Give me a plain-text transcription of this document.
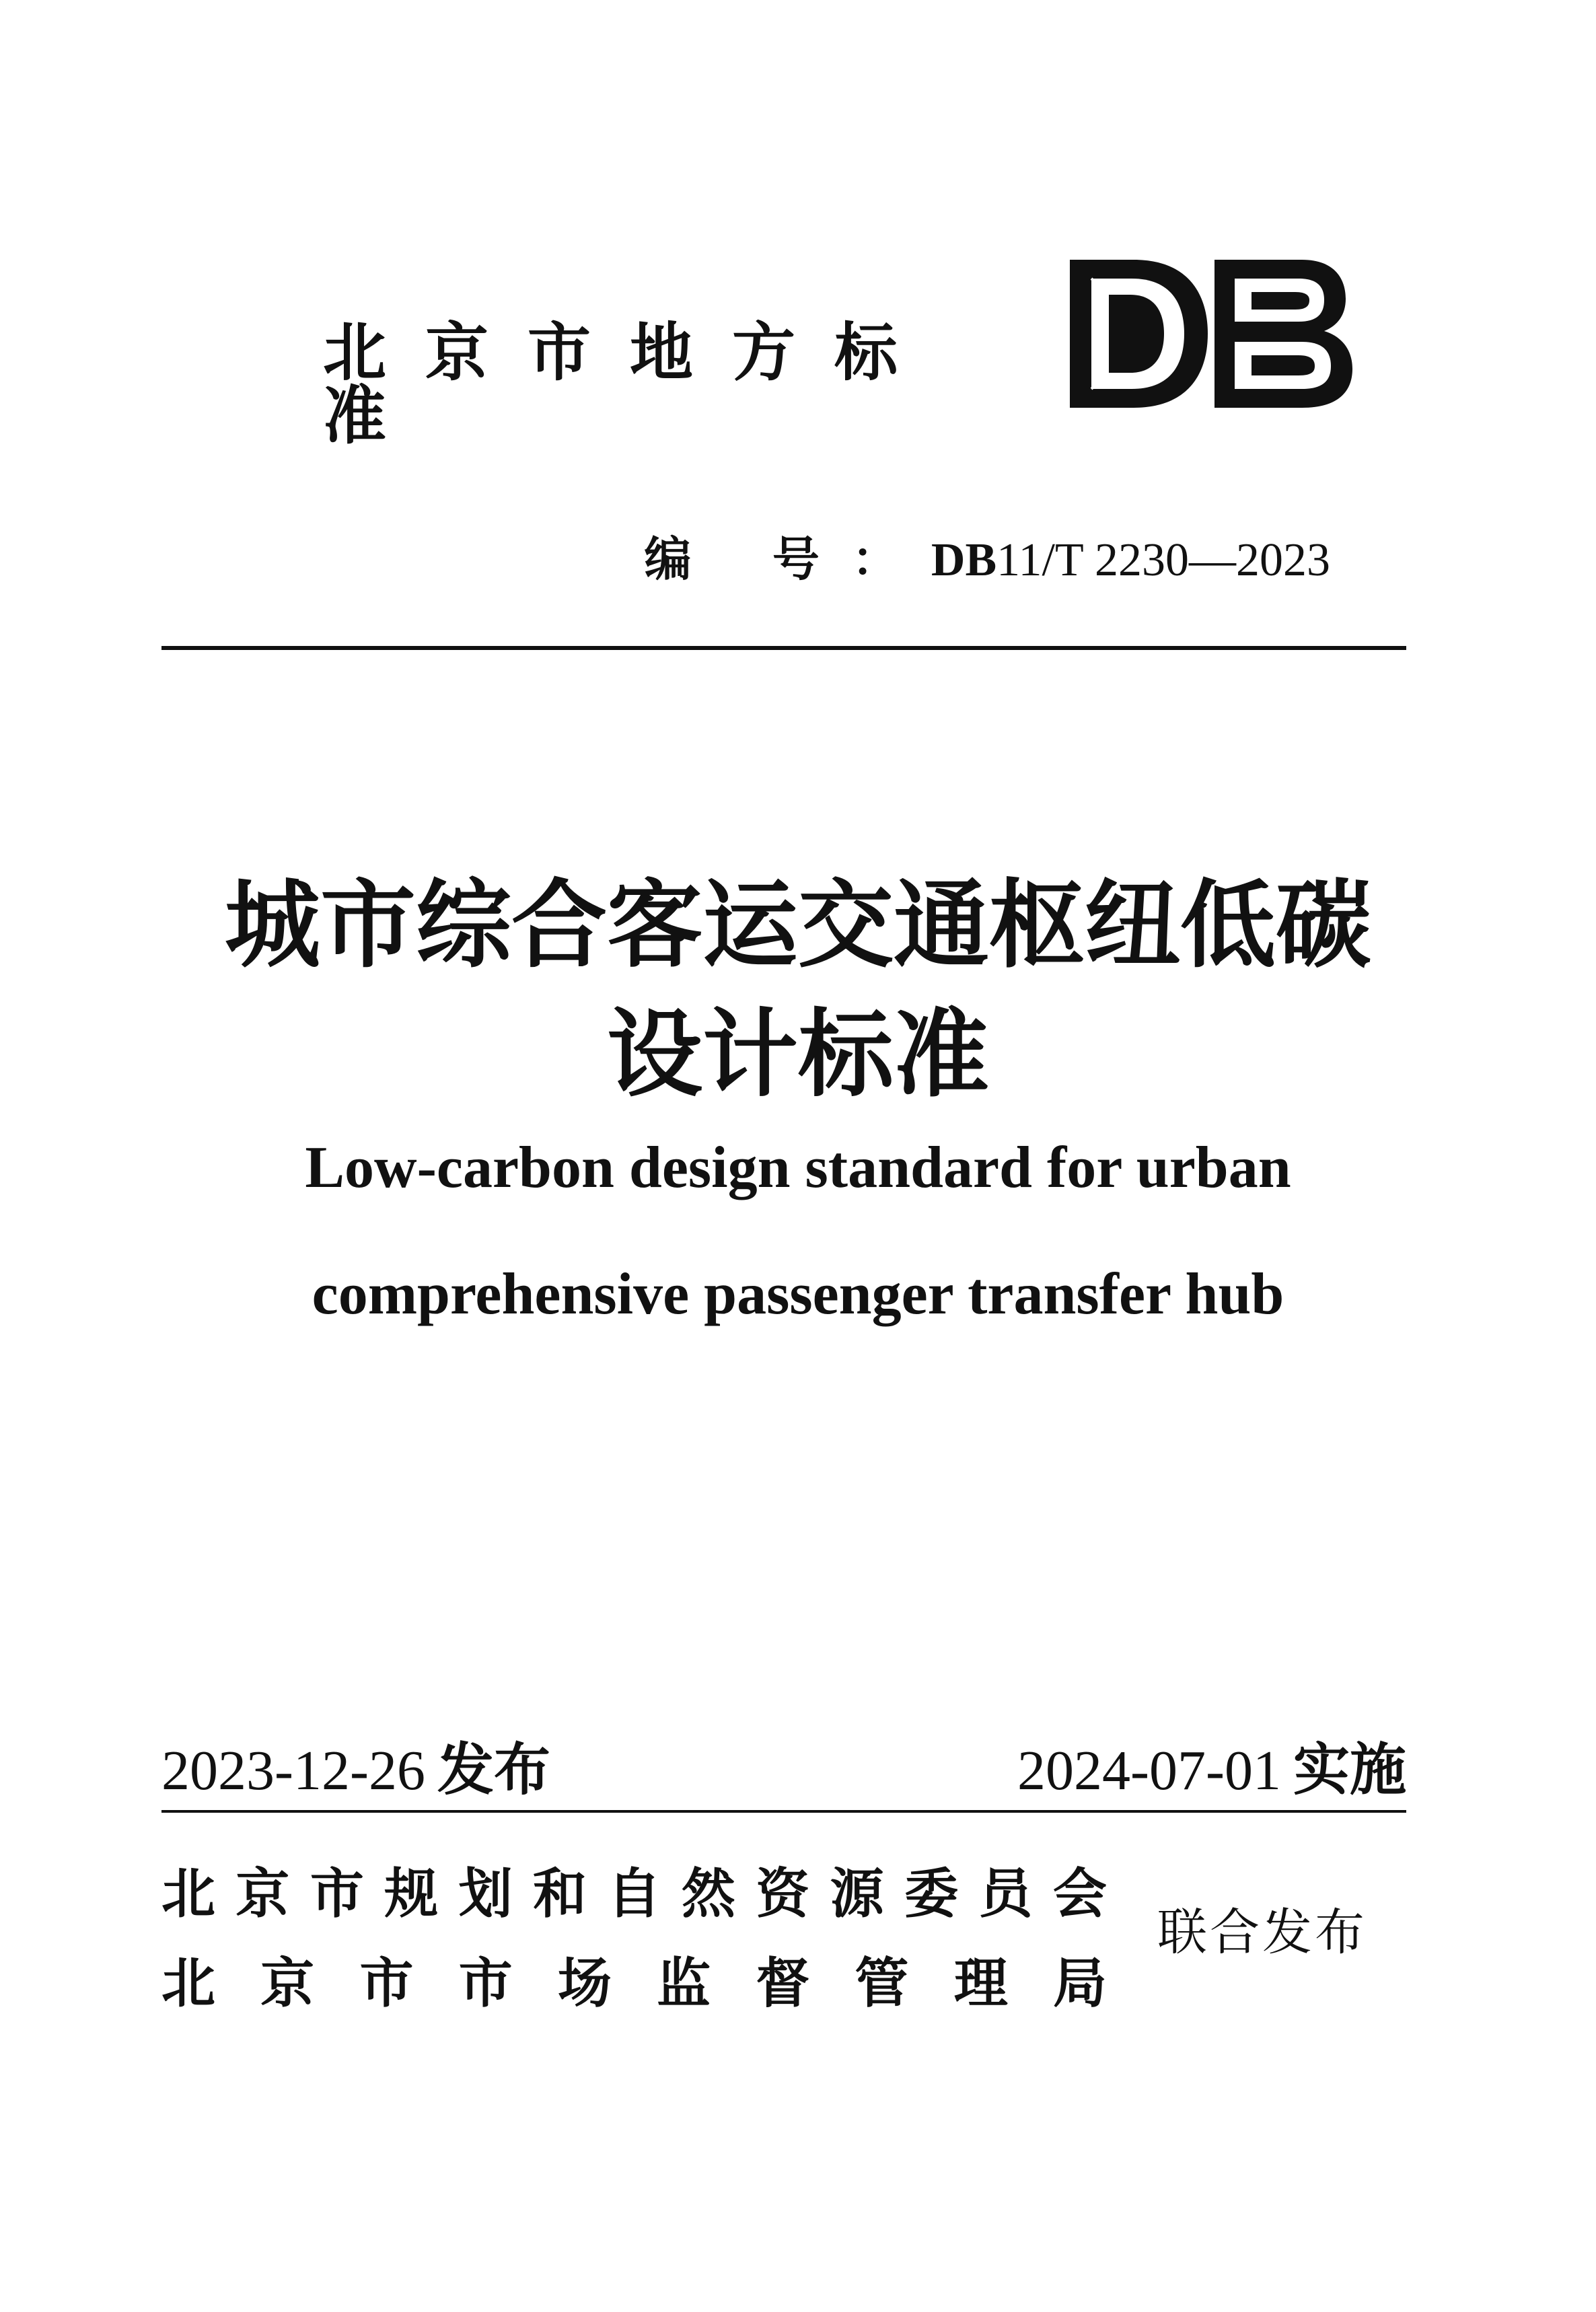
北京市地方标准
编 号：DB11/T 2230—2023
城市综合客运交通枢纽低碳
设计标准
Low-carbon design standard for urban
comprehensive passenger transfer hub
2023-12-26 发布	2024-07-01 实施
北 京 市 规 划 和 自 然 资 源 委 员 会
北 京 市 市 场 监 督 管 理 局
联合发布
